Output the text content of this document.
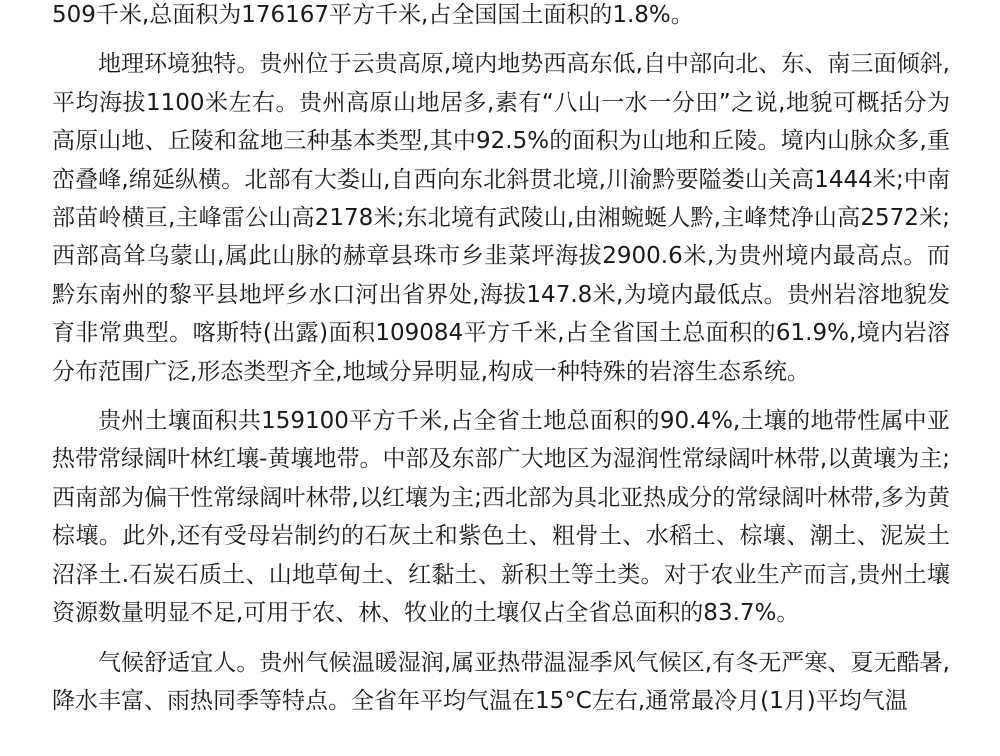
509千米,总面积为176167平方千米,占全国国土面积的1.8%。

地理环境独特。贵州位于云贵高原,境内地势西高东低,自中部向北、东、南三面倾斜,平均海拔1100米左右。贵州高原山地居多,素有“八山一水一分田”之说,地貌可概括分为高原山地、丘陵和盆地三种基本类型,其中92.5%的面积为山地和丘陵。境内山脉众多,重峦叠峰,绵延纵横。北部有大娄山,自西向东北斜贯北境,川渝黔要隘娄山关高1444米;中南部苗岭横亘,主峰雷公山高2178米;东北境有武陵山,由湘蜿蜒人黔,主峰梵净山高2572米;西部高耸乌蒙山,属此山脉的赫章县珠市乡韭菜坪海拔2900.6米,为贵州境内最高点。而黔东南州的黎平县地坪乡水口河出省界处,海拔147.8米,为境内最低点。贵州岩溶地貌发育非常典型。喀斯特(出露)面积109084平方千米,占全省国土总面积的61.9%,境内岩溶分布范围广泛,形态类型齐全,地域分异明显,构成一种特殊的岩溶生态系统。

贵州土壤面积共159100平方千米,占全省土地总面积的90.4%,土壤的地带性属中亚热带常绿阔叶林红壤-黄壤地带。中部及东部广大地区为湿润性常绿阔叶林带,以黄壤为主;西南部为偏干性常绿阔叶林带,以红壤为主;西北部为具北亚热成分的常绿阔叶林带,多为黄棕壤。此外,还有受母岩制约的石灰土和紫色土、粗骨土、水稻土、棕壤、潮土、泥炭土沼泽土.石炭石质土、山地草甸土、红黏土、新积土等土类。对于农业生产而言,贵州土壤资源数量明显不足,可用于农、林、牧业的土壤仅占全省总面积的83.7%。

气候舒适宜人。贵州气候温暖湿润,属亚热带温湿季风气候区,有冬无严寒、夏无酷暑,降水丰富、雨热同季等特点。全省年平均气温在15°C左右,通常最冷月(1月)平均气温
